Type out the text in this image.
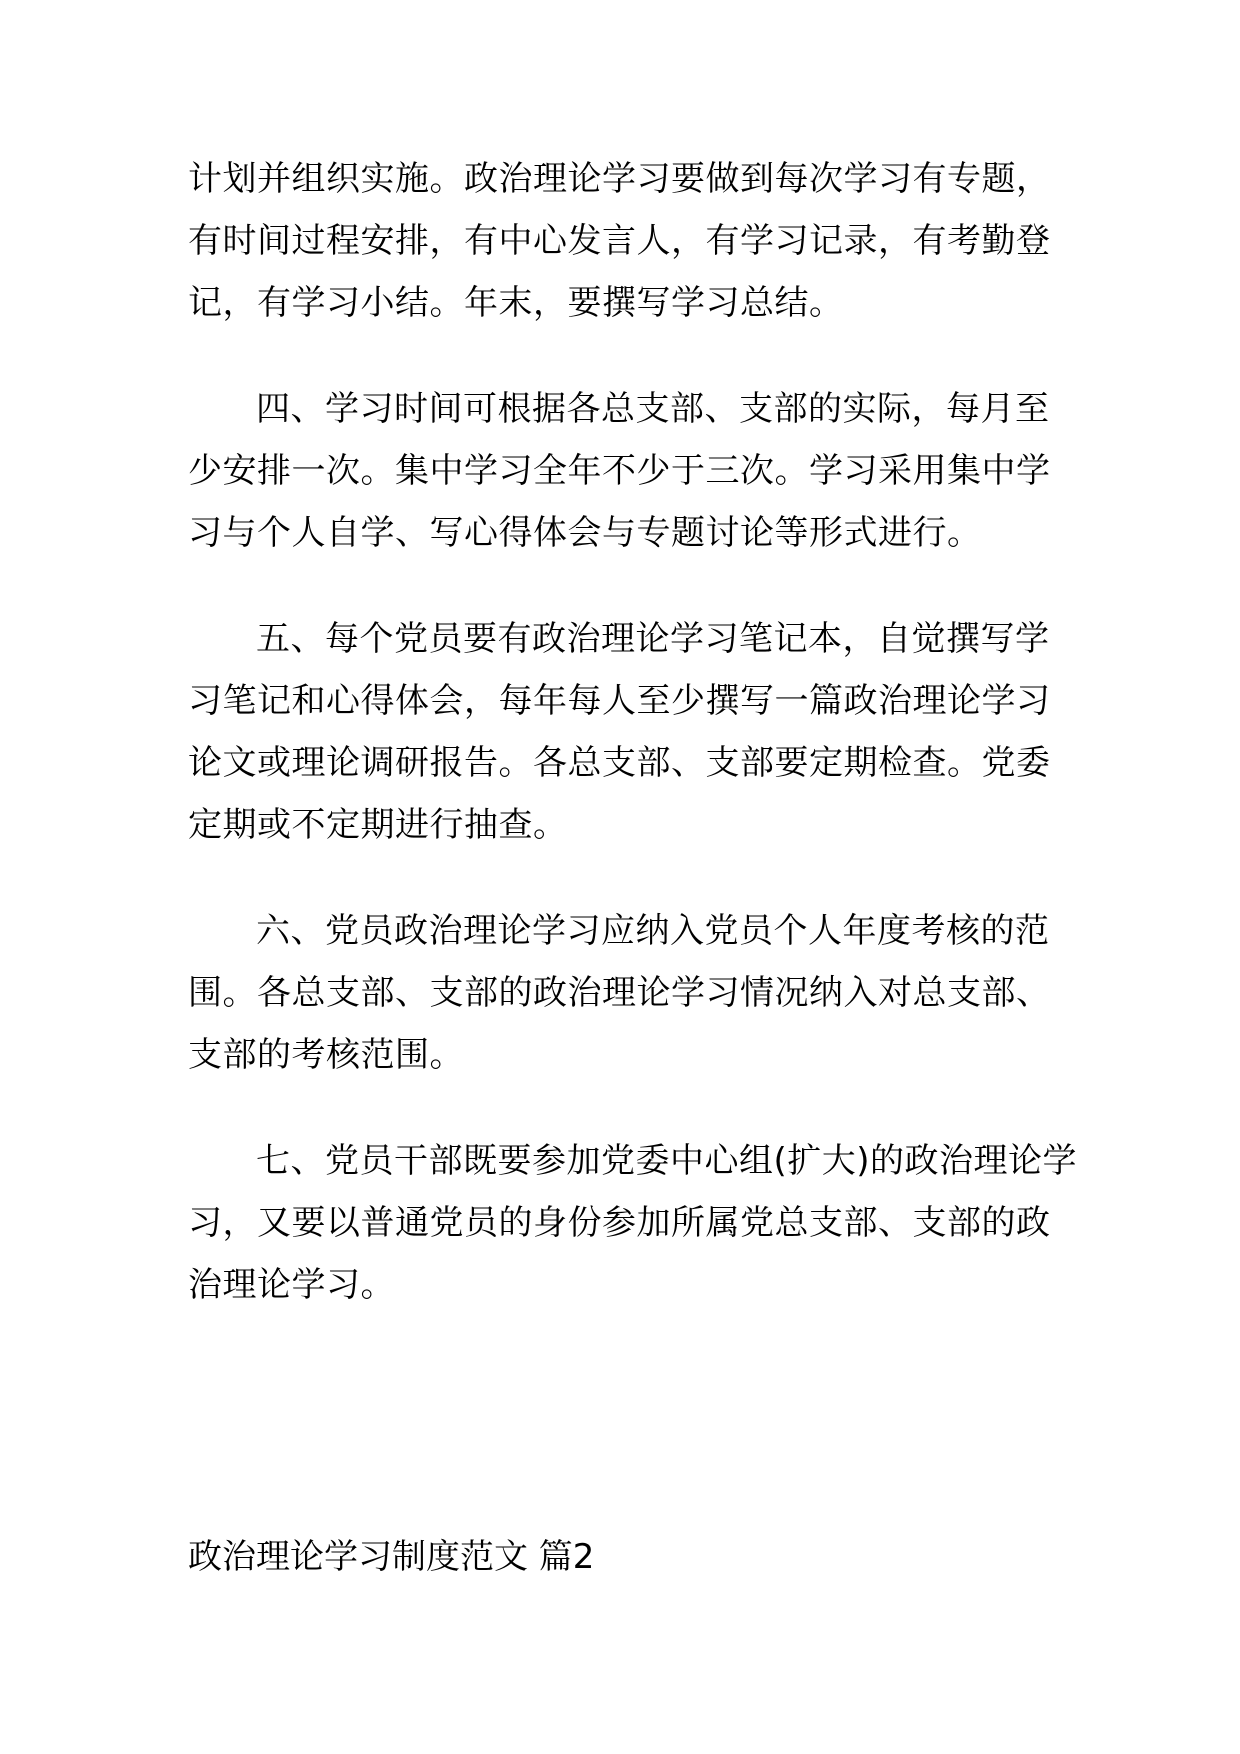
计划并组织实施。政治理论学习要做到每次学习有专题，
有时间过程安排，有中心发言人，有学习记录，有考勤登
记，有学习小结。年末，要撰写学习总结。
四、学习时间可根据各总支部、支部的实际，每月至
少安排一次。集中学习全年不少于三次。学习采用集中学
习与个人自学、写心得体会与专题讨论等形式进行。
五、每个党员要有政治理论学习笔记本，自觉撰写学
习笔记和心得体会，每年每人至少撰写一篇政治理论学习
论文或理论调研报告。各总支部、支部要定期检查。党委
定期或不定期进行抽查。
六、党员政治理论学习应纳入党员个人年度考核的范
围。各总支部、支部的政治理论学习情况纳入对总支部、
支部的考核范围。
七、党员干部既要参加党委中心组(扩大)的政治理论学
习，又要以普通党员的身份参加所属党总支部、支部的政
治理论学习。
政治理论学习制度范文 篇2
